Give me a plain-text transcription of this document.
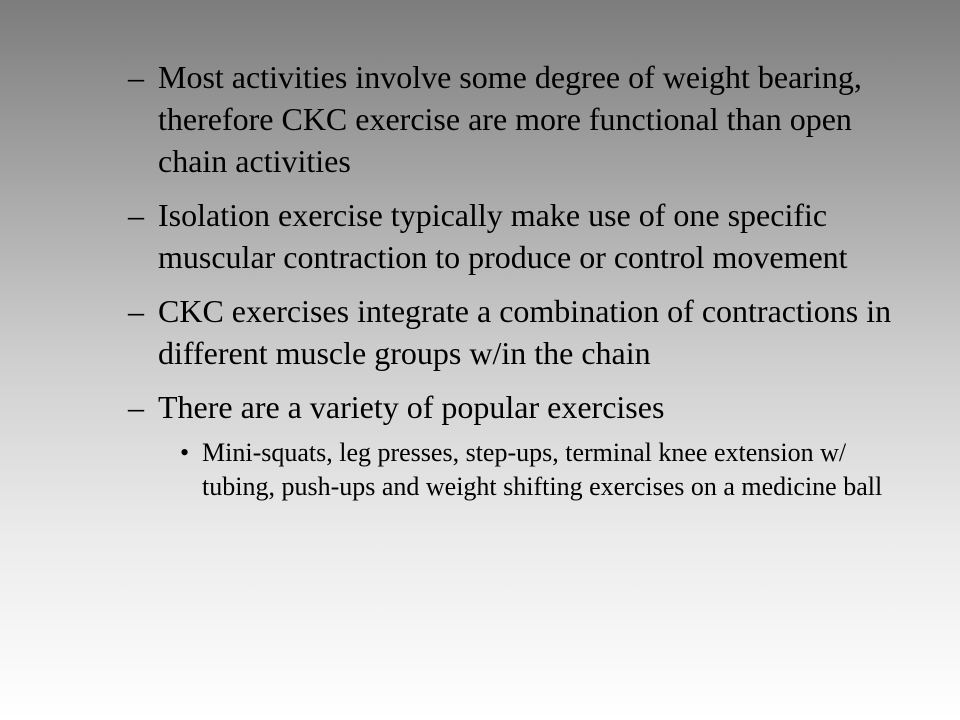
– Most activities involve some degree of weight bearing, therefore CKC exercise are more functional than open chain activities
– Isolation exercise typically make use of one specific muscular contraction to produce or control movement
– CKC exercises integrate a combination of contractions in different muscle groups w/in the chain
– There are a variety of popular exercises
• Mini-squats, leg presses, step-ups, terminal knee extension w/ tubing, push-ups and weight shifting exercises on a medicine ball
